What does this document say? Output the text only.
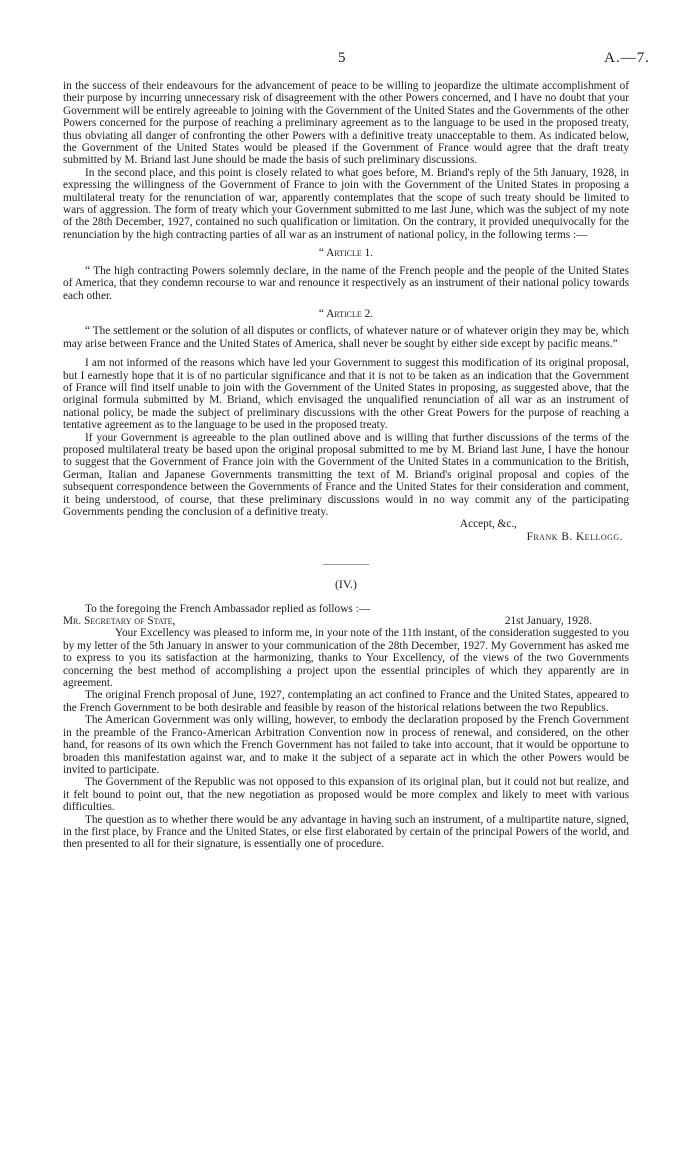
5	A.—7.

in the success of their endeavours for the advancement of peace to be willing to jeopardize the ultimate accomplishment of their purpose by incurring unnecessary risk of disagreement with the other Powers concerned, and I have no doubt that your Government will be entirely agreeable to joining with the Government of the United States and the Governments of the other Powers concerned for the purpose of reaching a preliminary agreement as to the language to be used in the proposed treaty, thus obviating all danger of confronting the other Powers with a definitive treaty unacceptable to them. As indicated below, the Government of the United States would be pleased if the Government of France would agree that the draft treaty submitted by M. Briand last June should be made the basis of such preliminary discussions.

In the second place, and this point is closely related to what goes before, M. Briand's reply of the 5th January, 1928, in expressing the willingness of the Government of France to join with the Government of the United States in proposing a multilateral treaty for the renunciation of war, apparently contemplates that the scope of such treaty should be limited to wars of aggression. The form of treaty which your Government submitted to me last June, which was the subject of my note of the 28th December, 1927, contained no such qualification or limitation. On the contrary, it provided unequivocally for the renunciation by the high contracting parties of all war as an instrument of national policy, in the following terms :—

“ Article 1.

“ The high contracting Powers solemnly declare, in the name of the French people and the people of the United States of America, that they condemn recourse to war and renounce it respectively as an instrument of their national policy towards each other.

“ Article 2.

“ The settlement or the solution of all disputes or conflicts, of whatever nature or of whatever origin they may be, which may arise between France and the United States of America, shall never be sought by either side except by pacific means.”

I am not informed of the reasons which have led your Government to suggest this modification of its original proposal, but I earnestly hope that it is of no particular significance and that it is not to be taken as an indication that the Government of France will find itself unable to join with the Government of the United States in proposing, as suggested above, that the original formula submitted by M. Briand, which envisaged the unqualified renunciation of all war as an instrument of national policy, be made the subject of preliminary discussions with the other Great Powers for the purpose of reaching a tentative agreement as to the language to be used in the proposed treaty.

If your Government is agreeable to the plan outlined above and is willing that further discussions of the terms of the proposed multilateral treaty be based upon the original proposal submitted to me by M. Briand last June, I have the honour to suggest that the Government of France join with the Government of the United States in a communication to the British, German, Italian and Japanese Governments transmitting the text of M. Briand's original proposal and copies of the subsequent correspondence between the Governments of France and the United States for their consideration and comment, it being understood, of course, that these preliminary discussions would in no way commit any of the participating Governments pending the conclusion of a definitive treaty.

Accept, &c.,
Frank B. Kellogg.
(IV.)

To the foregoing the French Ambassador replied as follows :—

Mr. Secretary of State,	21st January, 1928.

Your Excellency was pleased to inform me, in your note of the 11th instant, of the consideration suggested to you by my letter of the 5th January in answer to your communication of the 28th December, 1927. My Government has asked me to express to you its satisfaction at the harmonizing, thanks to Your Excellency, of the views of the two Governments concerning the best method of accomplishing a project upon the essential principles of which they apparently are in agreement.

The original French proposal of June, 1927, contemplating an act confined to France and the United States, appeared to the French Government to be both desirable and feasible by reason of the historical relations between the two Republics.

The American Government was only willing, however, to embody the declaration proposed by the French Government in the preamble of the Franco-American Arbitration Convention now in process of renewal, and considered, on the other hand, for reasons of its own which the French Government has not failed to take into account, that it would be opportune to broaden this manifestation against war, and to make it the subject of a separate act in which the other Powers would be invited to participate.

The Government of the Republic was not opposed to this expansion of its original plan, but it could not but realize, and it felt bound to point out, that the new negotiation as proposed would be more complex and likely to meet with various difficulties.

The question as to whether there would be any advantage in having such an instrument, of a multipartite nature, signed, in the first place, by France and the United States, or else first elaborated by certain of the principal Powers of the world, and then presented to all for their signature, is essentially one of procedure.
